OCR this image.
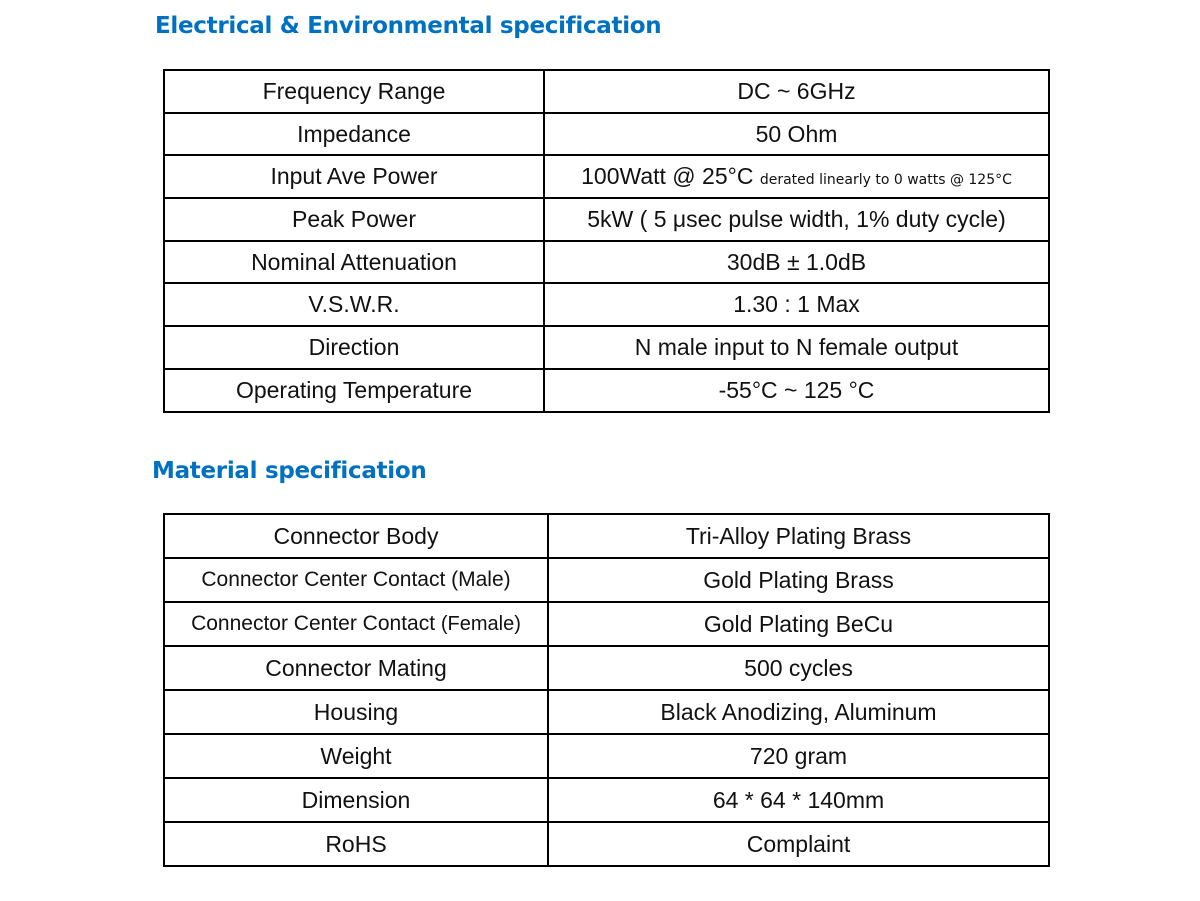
Electrical & Environmental specification
Frequency Range	DC ~ 6GHz
Impedance	50 Ohm
Input Ave Power	100Watt @ 25°C derated linearly to 0 watts @ 125°C
Peak Power	5kW ( 5 μsec pulse width, 1% duty cycle)
Nominal Attenuation	30dB ± 1.0dB
V.S.W.R.	1.30 : 1 Max
Direction	N male input to N female output
Operating Temperature	-55°C ~ 125 °C
Material specification
Connector Body	Tri-Alloy Plating Brass
Connector Center Contact (Male)	Gold Plating Brass
Connector Center Contact (Female)	Gold Plating BeCu
Connector Mating	500 cycles
Housing	Black Anodizing, Aluminum
Weight	720 gram
Dimension	64 * 64 * 140mm
RoHS	Complaint
